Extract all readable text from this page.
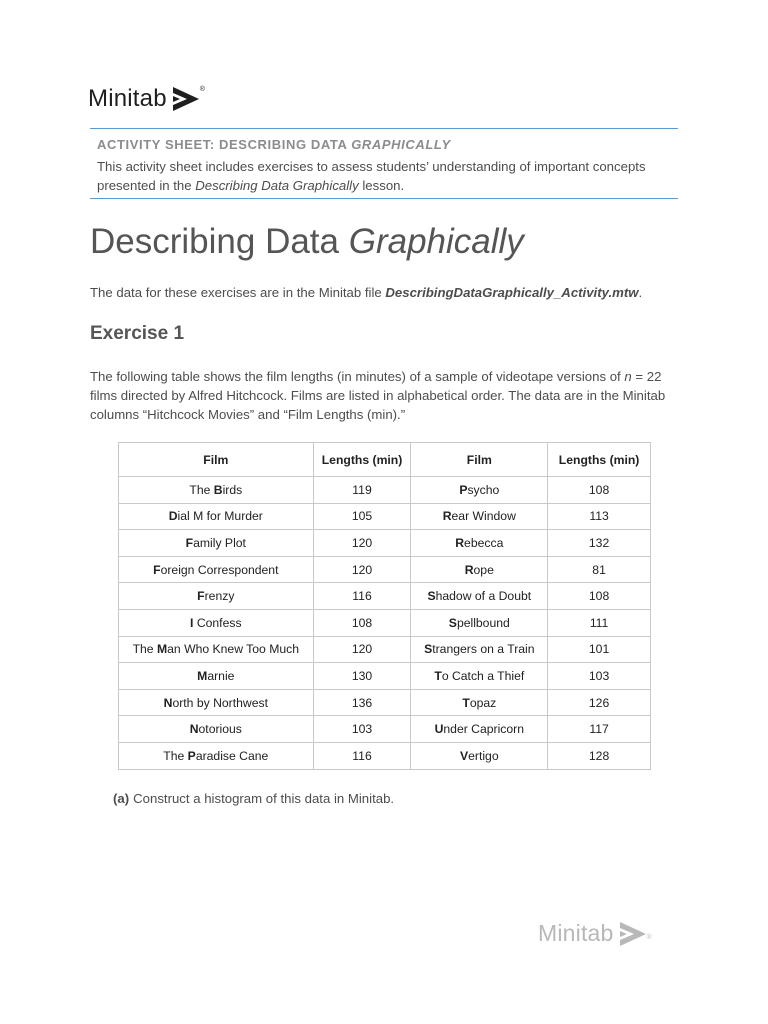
Minitab	®
ACTIVITY SHEET: DESCRIBING DATA GRAPHICALLY
This activity sheet includes exercises to assess students’ understanding of important concepts presented in the Describing Data Graphically lesson.
Describing Data Graphically
The data for these exercises are in the Minitab file DescribingDataGraphically_Activity.mtw.
Exercise 1
The following table shows the film lengths (in minutes) of a sample of videotape versions of n = 22 films directed by Alfred Hitchcock. Films are listed in alphabetical order. The data are in the Minitab columns “Hitchcock Movies” and “Film Lengths (min).”
Film	Lengths (min)	Film	Lengths (min)
The Birds	119	Psycho	108
Dial M for Murder	105	Rear Window	113
Family Plot	120	Rebecca	132
Foreign Correspondent	120	Rope	81
Frenzy	116	Shadow of a Doubt	108
I Confess	108	Spellbound	111
The Man Who Knew Too Much	120	Strangers on a Train	101
Marnie	130	To Catch a Thief	103
North by Northwest	136	Topaz	126
Notorious	103	Under Capricorn	117
The Paradise Cane	116	Vertigo	128
(a) Construct a histogram of this data in Minitab.
Minitab	®
